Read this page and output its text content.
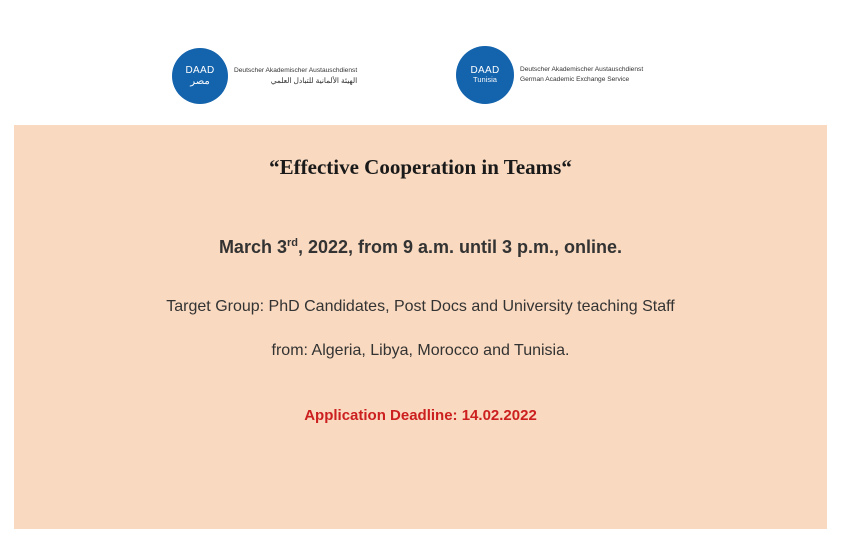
DAAD
مصر
Deutscher Akademischer Austauschdienst
الهيئة الألمانية للتبادل العلمي
DAAD
Tunisia
Deutscher Akademischer Austauschdienst
German Academic Exchange Service
“Effective Cooperation in Teams“
March 3rd, 2022, from 9 a.m. until 3 p.m., online.
Target Group: PhD Candidates, Post Docs and University teaching Staff
from: Algeria, Libya, Morocco and Tunisia.
Application Deadline: 14.02.2022
